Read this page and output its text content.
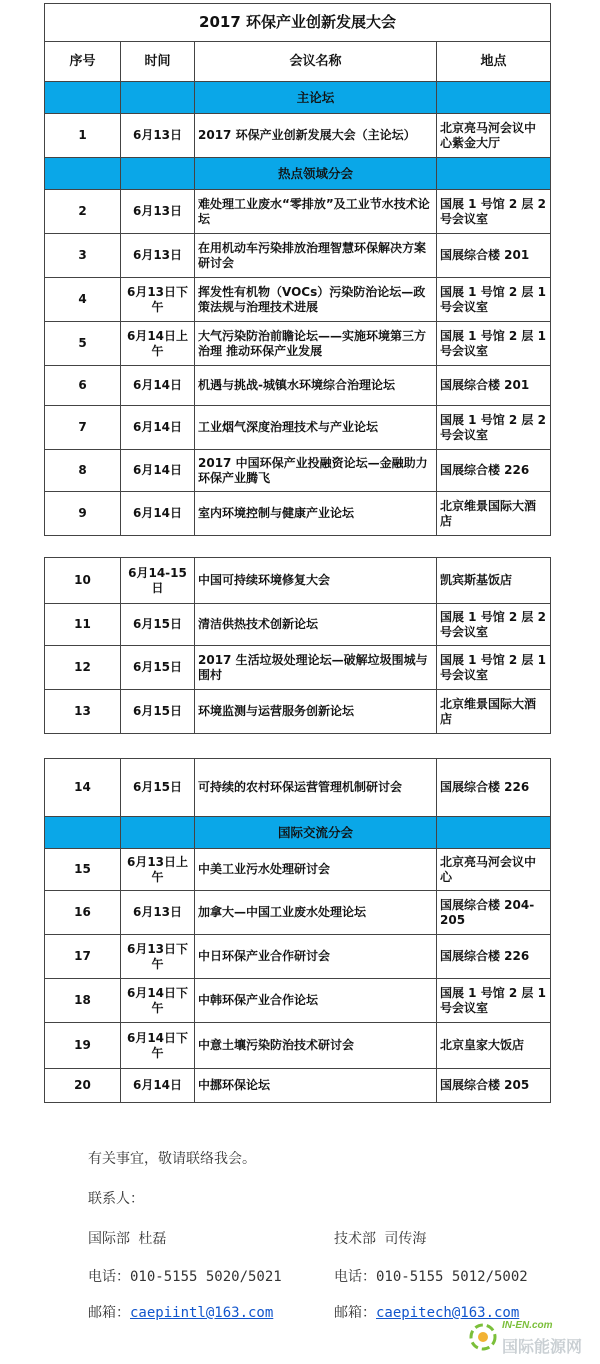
2017 环保产业创新发展大会			
序号	时间	会议名称	地点
		主论坛	
1	6月13日	2017 环保产业创新发展大会（主论坛）	北京亮马河会议中心紫金大厅
		热点领域分会	
2	6月13日	难处理工业废水“零排放”及工业节水技术论坛	国展 1 号馆 2 层 2 号会议室
3	6月13日	在用机动车污染排放治理智慧环保解决方案研讨会	国展综合楼 201
4	6月13日下午	挥发性有机物（VOCs）污染防治论坛—政策法规与治理技术进展	国展 1 号馆 2 层 1 号会议室
5	6月14日上午	大气污染防治前瞻论坛——实施环境第三方治理 推动环保产业发展	国展 1 号馆 2 层 1 号会议室
6	6月14日	机遇与挑战-城镇水环境综合治理论坛	国展综合楼 201
7	6月14日	工业烟气深度治理技术与产业论坛	国展 1 号馆 2 层 2 号会议室
8	6月14日	2017 中国环保产业投融资论坛—金融助力环保产业腾飞	国展综合楼 226
9	6月14日	室内环境控制与健康产业论坛	北京维景国际大酒店
10	6月14-15日	中国可持续环境修复大会	凯宾斯基饭店
11	6月15日	清洁供热技术创新论坛	国展 1 号馆 2 层 2 号会议室
12	6月15日	2017 生活垃圾处理论坛—破解垃圾围城与围村	国展 1 号馆 2 层 1 号会议室
13	6月15日	环境监测与运营服务创新论坛	北京维景国际大酒店
14	6月15日	可持续的农村环保运营管理机制研讨会	国展综合楼 226
		国际交流分会	
15	6月13日上午	中美工业污水处理研讨会	北京亮马河会议中心
16	6月13日	加拿大—中国工业废水处理论坛	国展综合楼 204-205
17	6月13日下午	中日环保产业合作研讨会	国展综合楼 226
18	6月14日下午	中韩环保产业合作论坛	国展 1 号馆 2 层 1 号会议室
19	6月14日下午	中意土壤污染防治技术研讨会	北京皇家大饭店
20	6月14日	中挪环保论坛	国展综合楼 205
有关事宜，敬请联络我会。
联系人：
国际部 杜磊	技术部 司传海
电话：010-5155 5020/5021	电话：010-5155 5012/5002
邮箱：caepiintl@163.com	邮箱：caepitech@163.com
IN-EN.com
国际能源网
